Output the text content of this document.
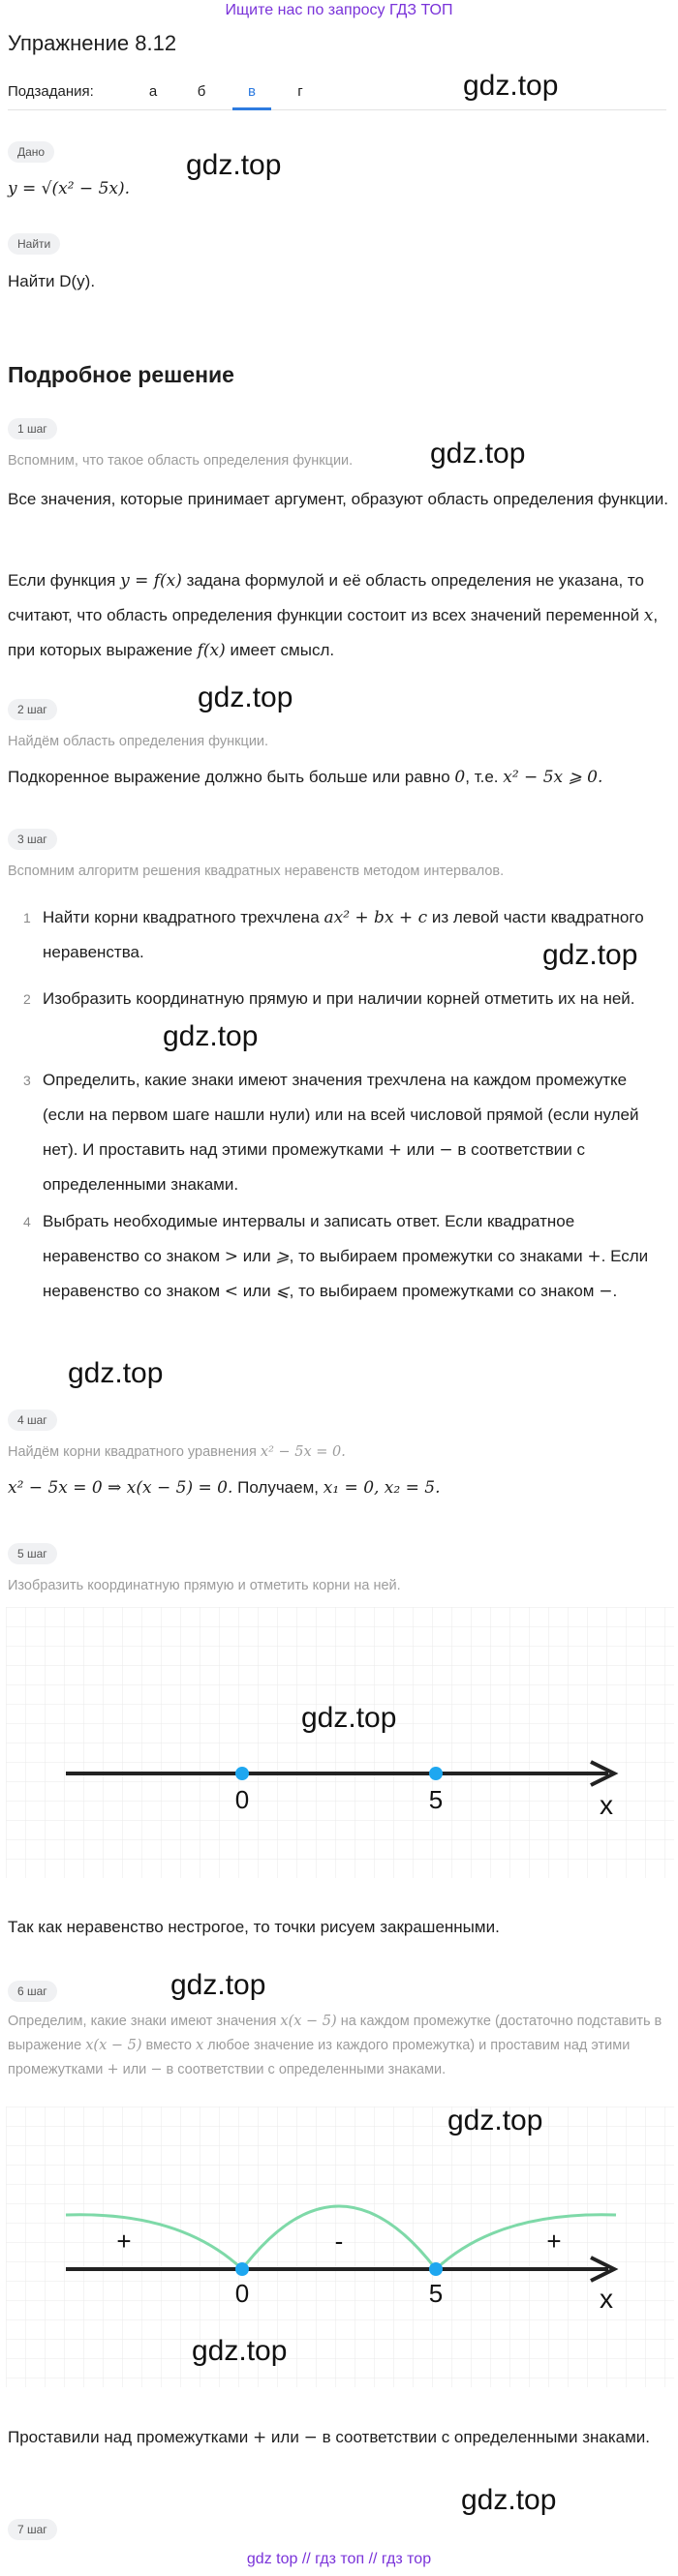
Ищите нас по запросу ГДЗ ТОП
Упражнение 8.12
Подзадания:	а	б	в	г	gdz.top
Дано
y = √(x² − 5x).
gdz.top
Найти
Найти D(y).
Подробное решение
1 шаг
Вспомним, что такое область определения функции.	gdz.top
Все значения, которые принимает аргумент, образуют область определения функции.
Если функция y = f(x) задана формулой и её область определения не указана, то считают, что область определения функции состоит из всех значений переменной x, при которых выражение f(x) имеет смысл.
gdz.top
2 шаг
Найдём область определения функции.
Подкоренное выражение должно быть больше или равно 0, т.е. x² − 5x ⩾ 0.
3 шаг
Вспомним алгоритм решения квадратных неравенств методом интервалов.
1 Найти корни квадратного трехчлена ax² + bx + c из левой части квадратного неравенства.
2 Изобразить координатную прямую и при наличии корней отметить их на ней.
3 Определить, какие знаки имеют значения трехчлена на каждом промежутке (если на первом шаге нашли нули) или на всей числовой прямой (если нулей нет). И проставить над этими промежутками + или − в соответствии с определенными знаками.
4 Выбрать необходимые интервалы и записать ответ. Если квадратное неравенство со знаком > или ⩾, то выбираем промежутки со знаками +. Если неравенство со знаком < или ⩽, то выбираем промежутками со знаком −.
gdz.top
gdz.top
gdz.top
4 шаг
Найдём корни квадратного уравнения x² − 5x = 0.
x² − 5x = 0 ⇒ x(x − 5) = 0. Получаем, x₁ = 0, x₂ = 5.
5 шаг
Изобразить координатную прямую и отметить корни на ней.
0	5	x
gdz.top
Так как неравенство нестрогое, то точки рисуем закрашенными.
6 шаг	gdz.top
Определим, какие знаки имеют значения x(x − 5) на каждом промежутке (достаточно подставить в выражение x(x − 5) вместо x любое значение из каждого промежутка) и проставим над этими промежутками + или − в соответствии с определенными знаками.
+	-	+
0	5	x
gdz.top
gdz.top
Проставили над промежутками + или − в соответствии с определенными знаками.
gdz.top
7 шаг
gdz top // гдз топ // гдз тор
